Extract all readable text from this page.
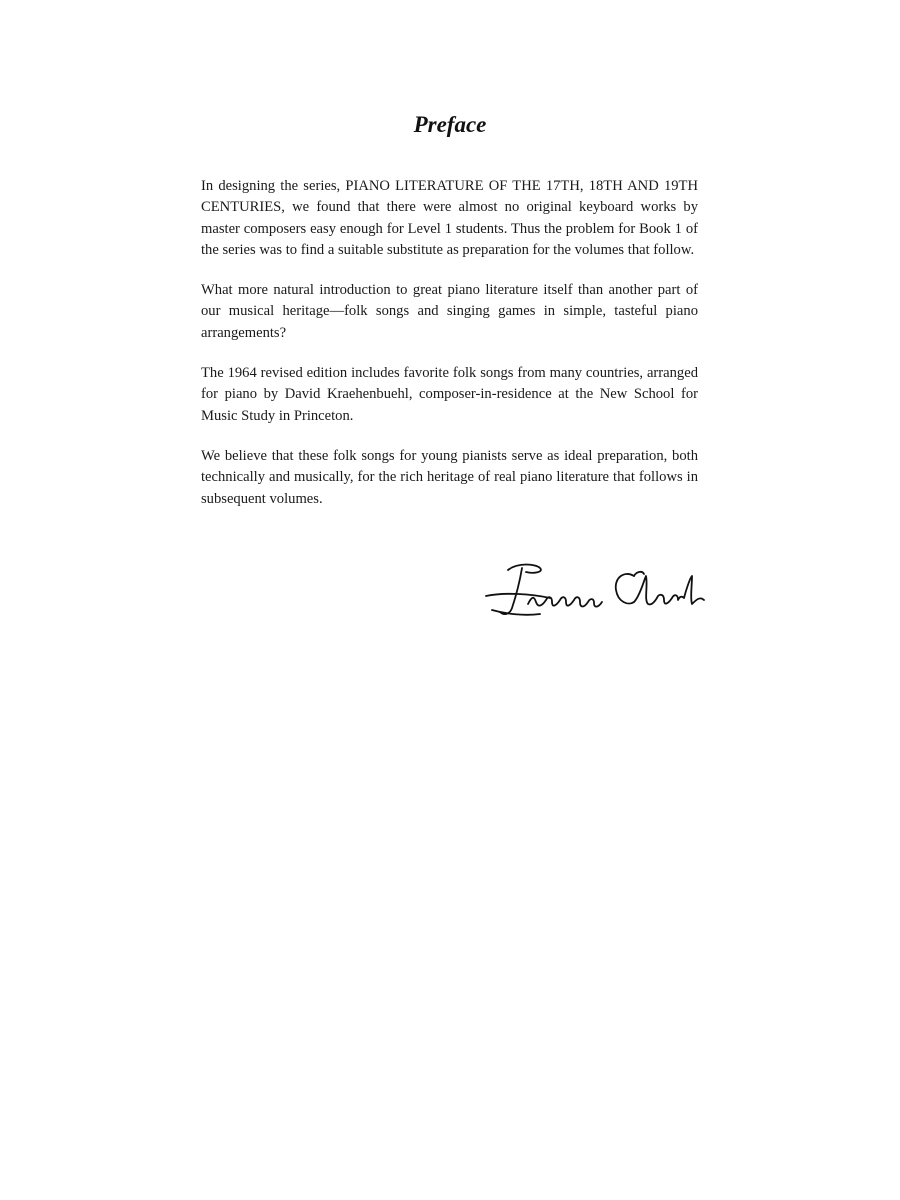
Preface

In designing the series, PIANO LITERATURE OF THE 17TH, 18TH AND 19TH CENTURIES, we found that there were almost no original keyboard works by master composers easy enough for Level 1 students. Thus the problem for Book 1 of the series was to find a suitable substitute as preparation for the volumes that follow.

What more natural introduction to great piano literature itself than another part of our musical heritage—folk songs and singing games in simple, tasteful piano arrangements?

The 1964 revised edition includes favorite folk songs from many countries, arranged for piano by David Kraehenbuehl, composer-in-residence at the New School for Music Study in Princeton.

We believe that these folk songs for young pianists serve as ideal preparation, both technically and musically, for the rich heritage of real piano literature that follows in subsequent volumes.
